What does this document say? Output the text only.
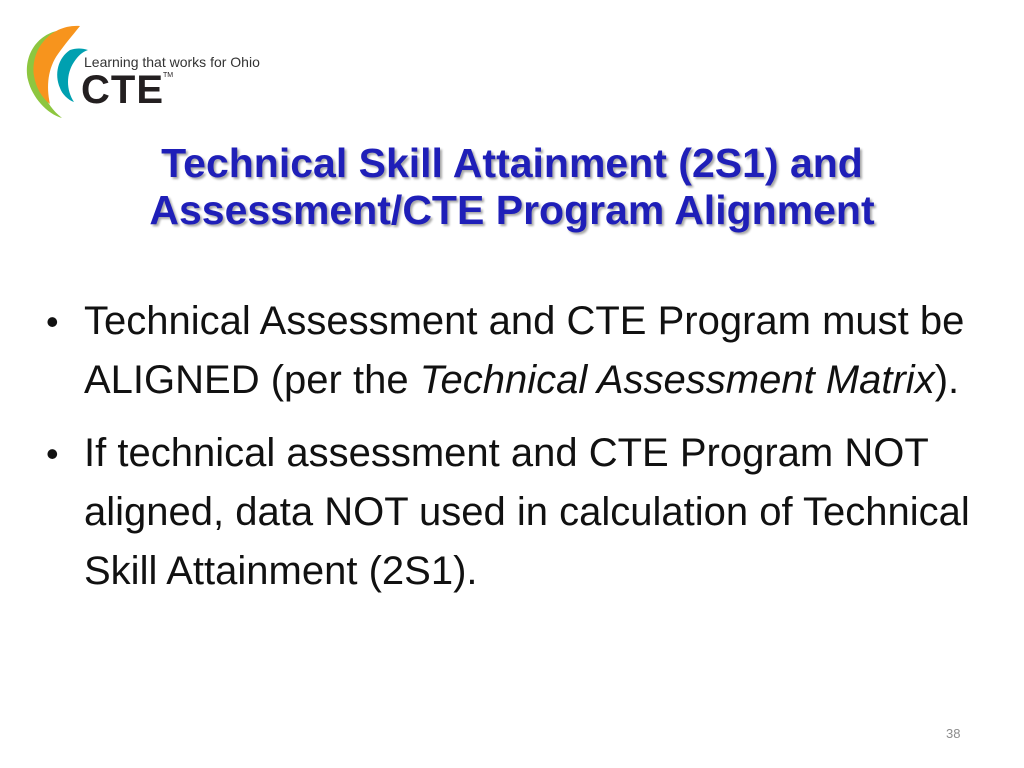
Learning that works for Ohio
CTE TM
Technical Skill Attainment (2S1) and
Assessment/CTE Program Alignment
• Technical Assessment and CTE Program must be ALIGNED (per the Technical Assessment Matrix).
• If technical assessment and CTE Program NOT aligned, data NOT used in calculation of Technical Skill Attainment (2S1).
38
